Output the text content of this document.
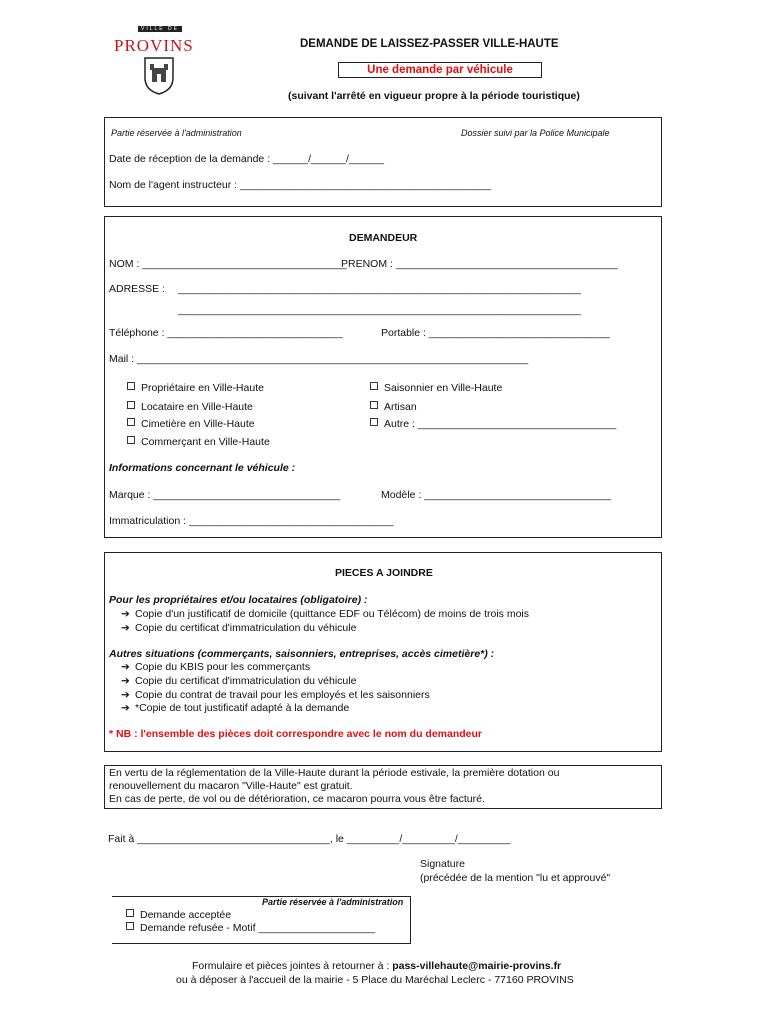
VILLE DE
PROVINS	DEMANDE DE LAISSEZ-PASSER VILLE-HAUTE
Une demande par véhicule
(suivant l'arrêté en vigueur propre à la période touristique)
Partie réservée à l'administration	Dossier suivi par la Police Municipale
Date de réception de la demande : ______/______/______
Nom de l'agent instructeur : ___________________________________________
DEMANDEUR
NOM : ___________________________________
PRENOM : ______________________________________
ADRESSE : _____________________________________________________________________
_____________________________________________________________________
Téléphone : ______________________________	Portable : _______________________________
Mail : ___________________________________________________________________
Propriétaire en Ville-Haute
Locataire en Ville-Haute
Cimetière en Ville-Haute
Commerçant en Ville-Haute
Saisonnier en Ville-Haute
Artisan
Autre : __________________________________
Informations concernant le véhicule :
Marque : ________________________________	Modèle : ________________________________
Immatriculation : ___________________________________
PIECES A JOINDRE
Pour les propriétaires et/ou locataires (obligatoire) :
➔ Copie d'un justificatif de domicile (quittance EDF ou Télécom) de moins de trois mois
➔ Copie du certificat d'immatriculation du véhicule
Autres situations (commerçants, saisonniers, entreprises, accès cimetière*) :
➔ Copie du KBIS pour les commerçants
➔ Copie du certificat d'immatriculation du véhicule
➔ Copie du contrat de travail pour les employés et les saisonniers
➔ *Copie de tout justificatif adapté à la demande
* NB : l'ensemble des pièces doit correspondre avec le nom du demandeur
En vertu de la réglementation de la Ville-Haute durant la période estivale, la première dotation ou
renouvellement du macaron "Ville-Haute" est gratuit.
En cas de perte, de vol ou de détérioration, ce macaron pourra vous être facturé.
Fait à _________________________________, le _________/_________/_________
Signature
(précédée de la mention "lu et approuvé"
Partie réservée à l'administration
Demande acceptée
Demande refusée - Motif ____________________
Formulaire et pièces jointes à retourner à : pass-villehaute@mairie-provins.fr
ou à déposer à l'accueil de la mairie - 5 Place du Maréchal Leclerc - 77160 PROVINS
